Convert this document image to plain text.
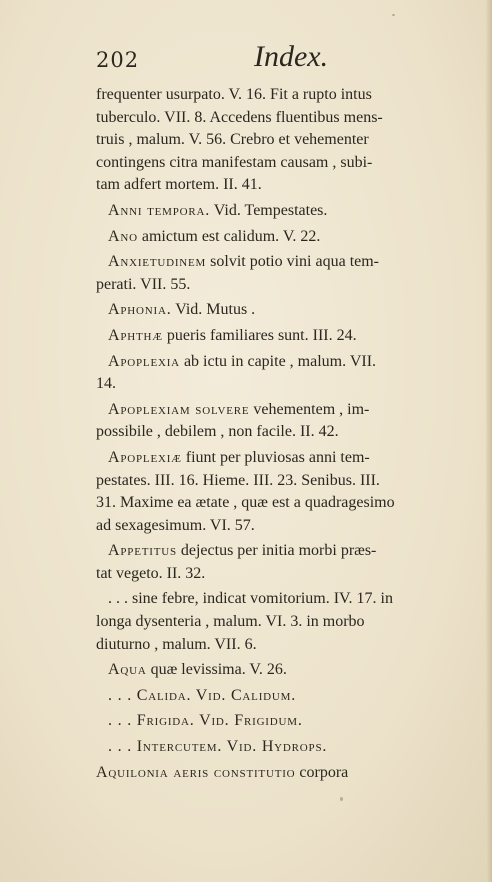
202	Index.
frequenter usurpato. V. 16. Fit a rupto intus
tuberculo. VII. 8. Accedens fluentibus mens-
truis , malum. V. 56. Crebro et vehementer
contingens citra manifestam causam , subi-
tam adfert mortem. II. 41.
Anni tempora. Vid. Tempestates.
Ano amictum est calidum. V. 22.
Anxietudinem solvit potio vini aqua tem-
perati. VII. 55.
Aphonia. Vid. Mutus .
Aphthæ pueris familiares sunt. III. 24.
Apoplexia ab ictu in capite , malum. VII.
14.
Apoplexiam solvere vehementem , im-
possibile , debilem , non facile. II. 42.
Apoplexiæ fiunt per pluviosas anni tem-
pestates. III. 16. Hieme. III. 23. Senibus. III.
31. Maxime ea ætate , quæ est a quadragesimo
ad sexagesimum. VI. 57.
Appetitus dejectus per initia morbi præs-
tat vegeto. II. 32.
. . . sine febre, indicat vomitorium. IV. 17. in
longa dysenteria , malum. VI. 3. in morbo
diuturno , malum. VII. 6.
Aqua quæ levissima. V. 26.
. . . Calida. Vid. Calidum.
. . . Frigida. Vid. Frigidum.
. . . Intercutem. Vid. Hydrops.
Aquilonia aeris constitutio corpora
